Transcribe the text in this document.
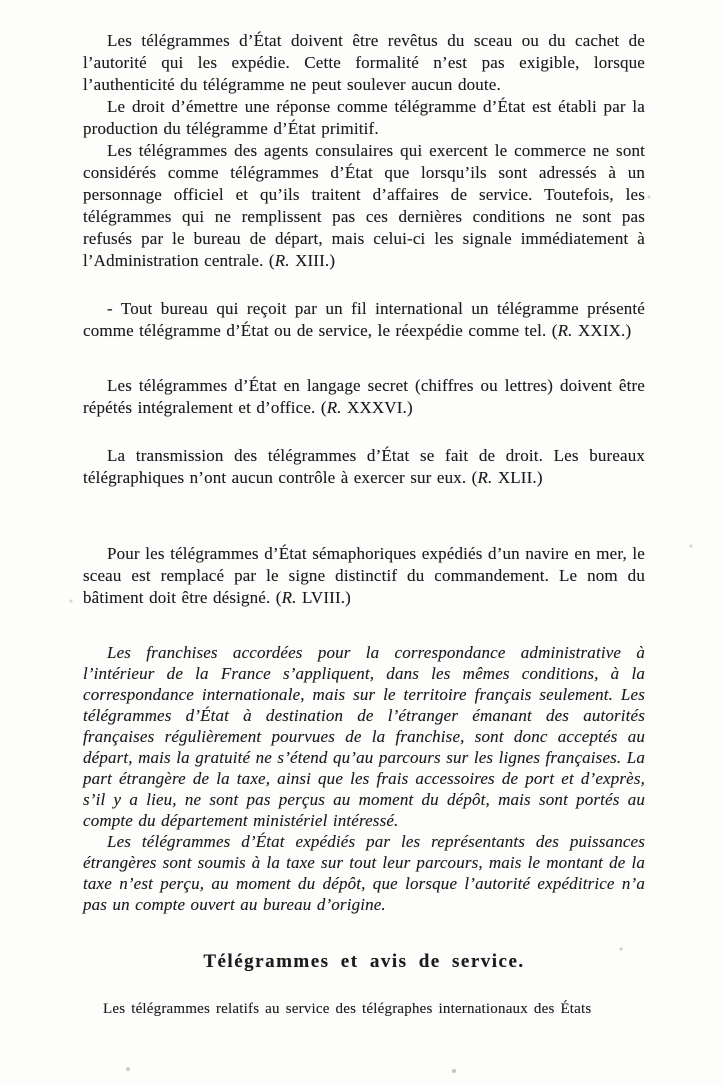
Les télégrammes d’État doivent être revêtus du sceau ou du cachet de l’autorité qui les expédie. Cette formalité n’est pas exigible, lorsque l’authenticité du télégramme ne peut soulever aucun doute.

Le droit d’émettre une réponse comme télégramme d’État est établi par la production du télégramme d’État primitif.

Les télégrammes des agents consulaires qui exercent le commerce ne sont considérés comme télégrammes d’État que lorsqu’ils sont adressés à un personnage officiel et qu’ils traitent d’affaires de service. Toutefois, les télégrammes qui ne remplissent pas ces dernières conditions ne sont pas refusés par le bureau de départ, mais celui-ci les signale immédiatement à l’Administration centrale. (R. XIII.)

- Tout bureau qui reçoit par un fil international un télégramme présenté comme télégramme d’État ou de service, le réexpédie comme tel. (R. XXIX.)

Les télégrammes d’État en langage secret (chiffres ou lettres) doivent être répétés intégralement et d’office. (R. XXXVI.)

La transmission des télégrammes d’État se fait de droit. Les bureaux télégraphiques n’ont aucun contrôle à exercer sur eux. (R. XLII.)

Pour les télégrammes d’État sémaphoriques expédiés d’un navire en mer, le sceau est remplacé par le signe distinctif du commandement. Le nom du bâtiment doit être désigné. (R. LVIII.)

Les franchises accordées pour la correspondance administrative à l’intérieur de la France s’appliquent, dans les mêmes conditions, à la correspondance internationale, mais sur le territoire français seulement. Les télégrammes d’État à destination de l’étranger émanant des autorités françaises régulièrement pourvues de la franchise, sont donc acceptés au départ, mais la gratuité ne s’étend qu’au parcours sur les lignes françaises. La part étrangère de la taxe, ainsi que les frais accessoires de port et d’exprès, s’il y a lieu, ne sont pas perçus au moment du dépôt, mais sont portés au compte du département ministériel intéressé.

Les télégrammes d’État expédiés par les représentants des puissances étrangères sont soumis à la taxe sur tout leur parcours, mais le montant de la taxe n’est perçu, au moment du dépôt, que lorsque l’autorité expéditrice n’a pas un compte ouvert au bureau d’origine.

Télégrammes et avis de service.

Les télégrammes relatifs au service des télégraphes internationaux des États
